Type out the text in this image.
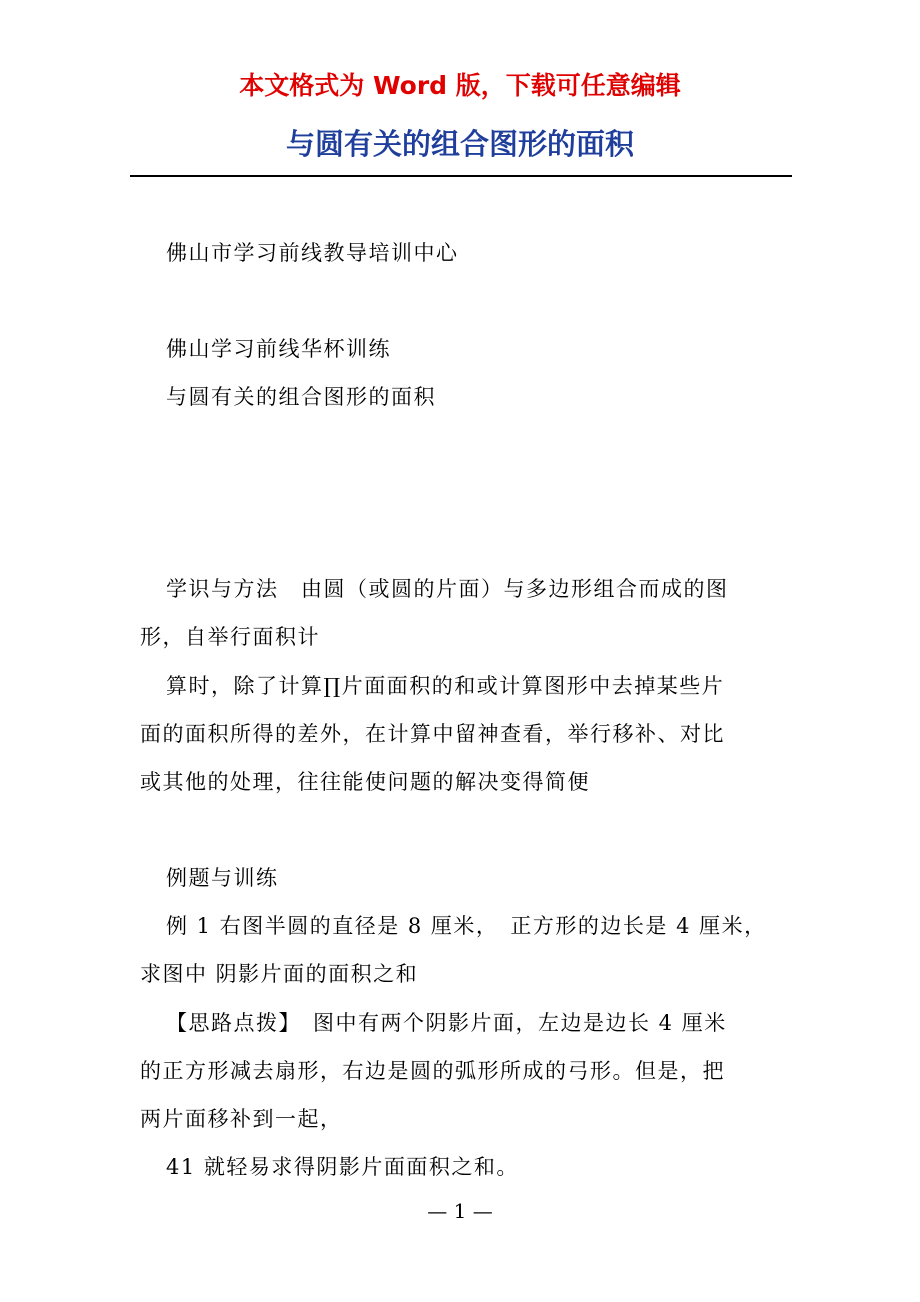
本文格式为 Word 版，下载可任意编辑
与圆有关的组合图形的面积
佛山市学习前线教导培训中心
佛山学习前线华杯训练
与圆有关的组合图形的面积
学识与方法　由圆（或圆的片面）与多边形组合而成的图
形，自举行面积计
算时，除了计算∏片面面积的和或计算图形中去掉某些片
面的面积所得的差外，在计算中留神查看，举行移补、对比
或其他的处理，往往能使问题的解决变得简便
例题与训练
例 1 右图半圆的直径是 8 厘米，　正方形的边长是 4 厘米，
求图中 阴影片面的面积之和
【思路点拨】　图中有两个阴影片面，左边是边长 4 厘米
的正方形减去扇形，右边是圆的弧形所成的弓形。但是，把
两片面移补到一起，
41 就轻易求得阴影片面面积之和。
— 1 —
